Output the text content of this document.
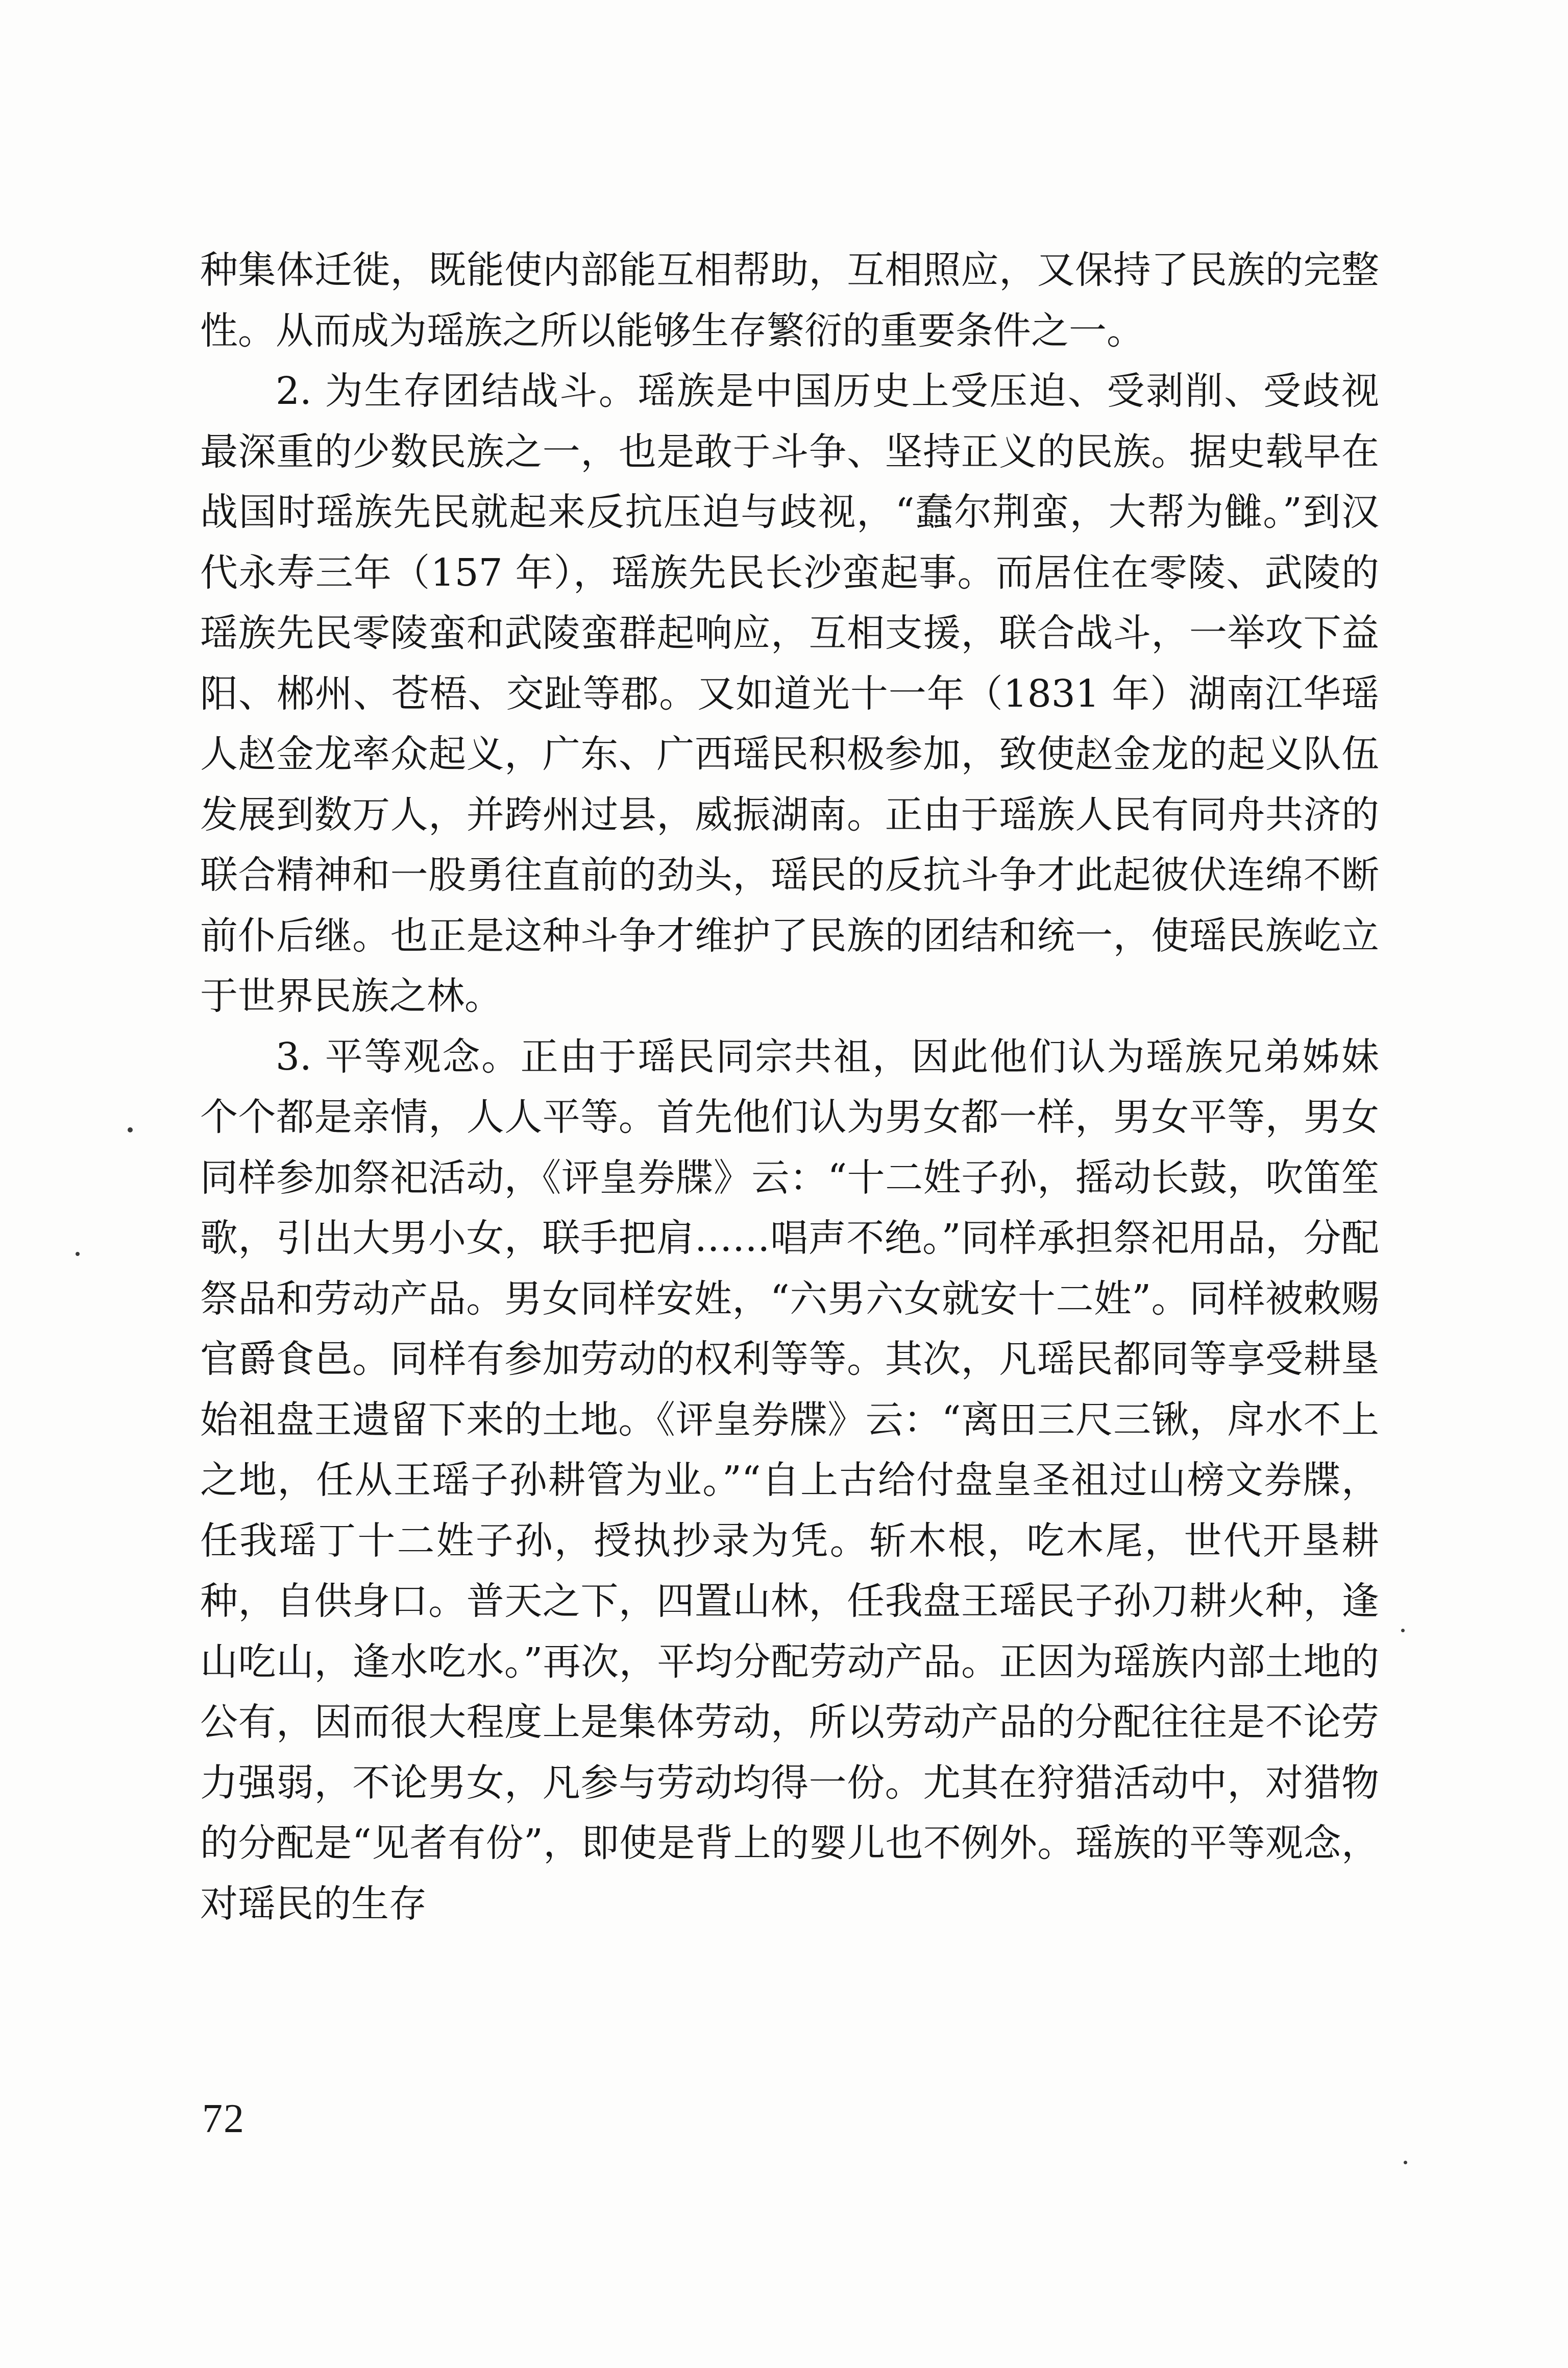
种集体迁徙，既能使内部能互相帮助，互相照应，又保持了民族的完整性。从而成为瑶族之所以能够生存繁衍的重要条件之一。

2. 为生存团结战斗。瑶族是中国历史上受压迫、受剥削、受歧视最深重的少数民族之一，也是敢于斗争、坚持正义的民族。据史载早在战国时瑶族先民就起来反抗压迫与歧视，“蠢尔荆蛮，大帮为雠。”到汉代永寿三年（157 年），瑶族先民长沙蛮起事。而居住在零陵、武陵的瑶族先民零陵蛮和武陵蛮群起响应，互相支援，联合战斗，一举攻下益阳、郴州、苍梧、交趾等郡。又如道光十一年（1831 年）湖南江华瑶人赵金龙率众起义，广东、广西瑶民积极参加，致使赵金龙的起义队伍发展到数万人，并跨州过县，威振湖南。正由于瑶族人民有同舟共济的联合精神和一股勇往直前的劲头，瑶民的反抗斗争才此起彼伏连绵不断前仆后继。也正是这种斗争才维护了民族的团结和统一，使瑶民族屹立于世界民族之林。

3. 平等观念。正由于瑶民同宗共祖，因此他们认为瑶族兄弟姊妹个个都是亲情，人人平等。首先他们认为男女都一样，男女平等，男女同样参加祭祀活动，《评皇券牒》云：“十二姓子孙，摇动长鼓，吹笛笙歌，引出大男小女，联手把肩……唱声不绝。”同样承担祭祀用品，分配祭品和劳动产品。男女同样安姓，“六男六女就安十二姓”。同样被敕赐官爵食邑。同样有参加劳动的权利等等。其次，凡瑶民都同等享受耕垦始祖盘王遗留下来的土地。《评皇券牒》云：“离田三尺三锹，戽水不上之地，任从王瑶子孙耕管为业。”“自上古给付盘皇圣祖过山榜文券牒，任我瑶丁十二姓子孙，授执抄录为凭。斩木根，吃木尾，世代开垦耕种，自供身口。普天之下，四置山林，任我盘王瑶民子孙刀耕火种，逢山吃山，逢水吃水。”再次，平均分配劳动产品。正因为瑶族内部土地的公有，因而很大程度上是集体劳动，所以劳动产品的分配往往是不论劳力强弱，不论男女，凡参与劳动均得一份。尤其在狩猎活动中，对猎物的分配是“见者有份”，即使是背上的婴儿也不例外。瑶族的平等观念，对瑶民的生存

72
